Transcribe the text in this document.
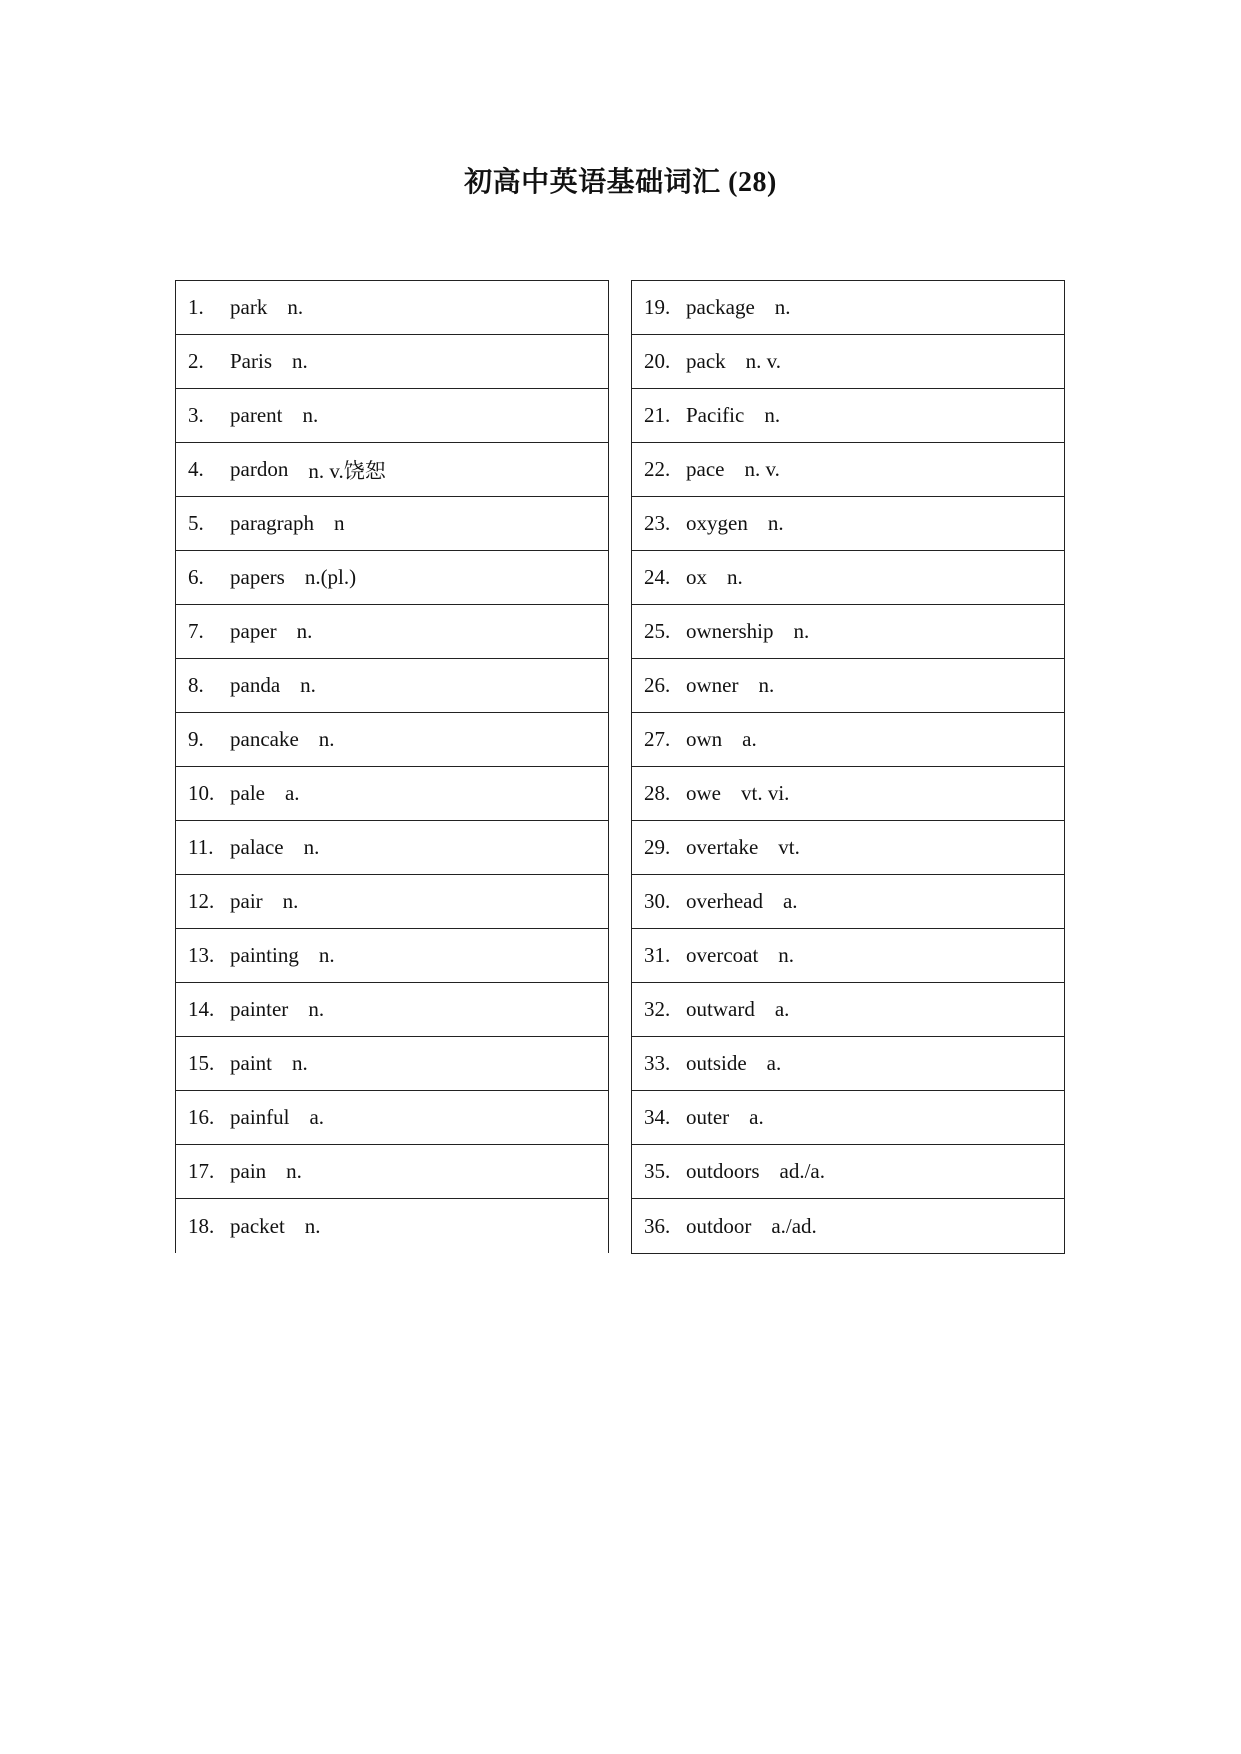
初高中英语基础词汇 (28)
1.	park n.
2.	Paris n.
3.	parent n.
4.	pardon n. v.饶恕
5.	paragraph n
6.	papers n.(pl.)
7.	paper n.
8.	panda n.
9.	pancake n.
10. pale a.
11. palace n.
12. pair n.
13. painting n.
14. painter n.
15. paint n.
16. painful a.
17. pain n.
18. packet n.
19. package n.
20. pack n. v.
21. Pacific n.
22. pace n. v.
23. oxygen n.
24. ox n.
25. ownership n.
26. owner n.
27. own a.
28. owe vt. vi.
29. overtake vt.
30. overhead a.
31. overcoat n.
32. outward a.
33. outside a.
34. outer a.
35. outdoors ad./a.
36. outdoor a./ad.
